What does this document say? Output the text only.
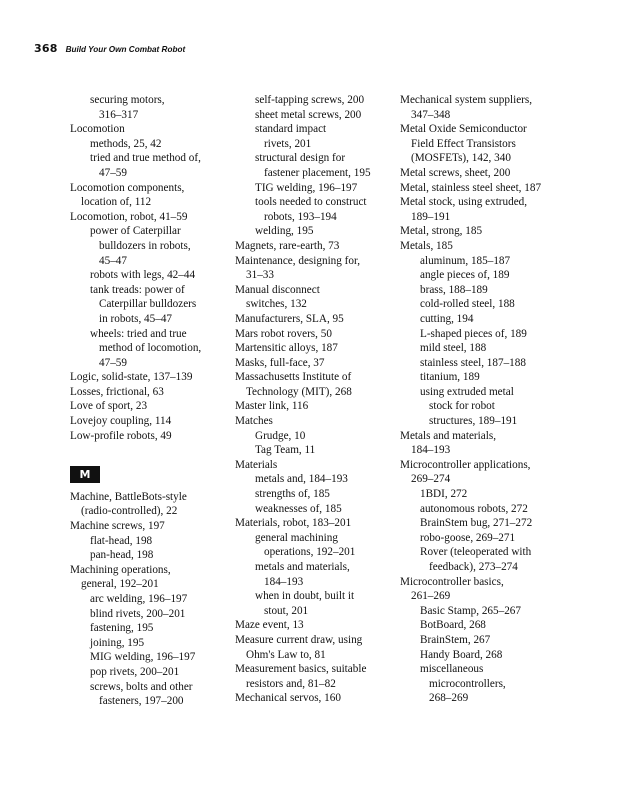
368 Build Your Own Combat Robot
securing motors,
316–317
Locomotion
methods, 25, 42
tried and true method of,
47–59
Locomotion components,
location of, 112
Locomotion, robot, 41–59
power of Caterpillar
bulldozers in robots,
45–47
robots with legs, 42–44
tank treads: power of
Caterpillar bulldozers
in robots, 45–47
wheels: tried and true
method of locomotion,
47–59
Logic, solid-state, 137–139
Losses, frictional, 63
Love of sport, 23
Lovejoy coupling, 114
Low-profile robots, 49
M
Machine, BattleBots-style
(radio-controlled), 22
Machine screws, 197
flat-head, 198
pan-head, 198
Machining operations,
general, 192–201
arc welding, 196–197
blind rivets, 200–201
fastening, 195
joining, 195
MIG welding, 196–197
pop rivets, 200–201
screws, bolts and other
fasteners, 197–200
self-tapping screws, 200
sheet metal screws, 200
standard impact
rivets, 201
structural design for
fastener placement, 195
TIG welding, 196–197
tools needed to construct
robots, 193–194
welding, 195
Magnets, rare-earth, 73
Maintenance, designing for,
31–33
Manual disconnect
switches, 132
Manufacturers, SLA, 95
Mars robot rovers, 50
Martensitic alloys, 187
Masks, full-face, 37
Massachusetts Institute of
Technology (MIT), 268
Master link, 116
Matches
Grudge, 10
Tag Team, 11
Materials
metals and, 184–193
strengths of, 185
weaknesses of, 185
Materials, robot, 183–201
general machining
operations, 192–201
metals and materials,
184–193
when in doubt, built it
stout, 201
Maze event, 13
Measure current draw, using
Ohm's Law to, 81
Measurement basics, suitable
resistors and, 81–82
Mechanical servos, 160
Mechanical system suppliers,
347–348
Metal Oxide Semiconductor
Field Effect Transistors
(MOSFETs), 142, 340
Metal screws, sheet, 200
Metal, stainless steel sheet, 187
Metal stock, using extruded,
189–191
Metal, strong, 185
Metals, 185
aluminum, 185–187
angle pieces of, 189
brass, 188–189
cold-rolled steel, 188
cutting, 194
L-shaped pieces of, 189
mild steel, 188
stainless steel, 187–188
titanium, 189
using extruded metal
stock for robot
structures, 189–191
Metals and materials,
184–193
Microcontroller applications,
269–274
1BDI, 272
autonomous robots, 272
BrainStem bug, 271–272
robo-goose, 269–271
Rover (teleoperated with
feedback), 273–274
Microcontroller basics,
261–269
Basic Stamp, 265–267
BotBoard, 268
BrainStem, 267
Handy Board, 268
miscellaneous
microcontrollers,
268–269
